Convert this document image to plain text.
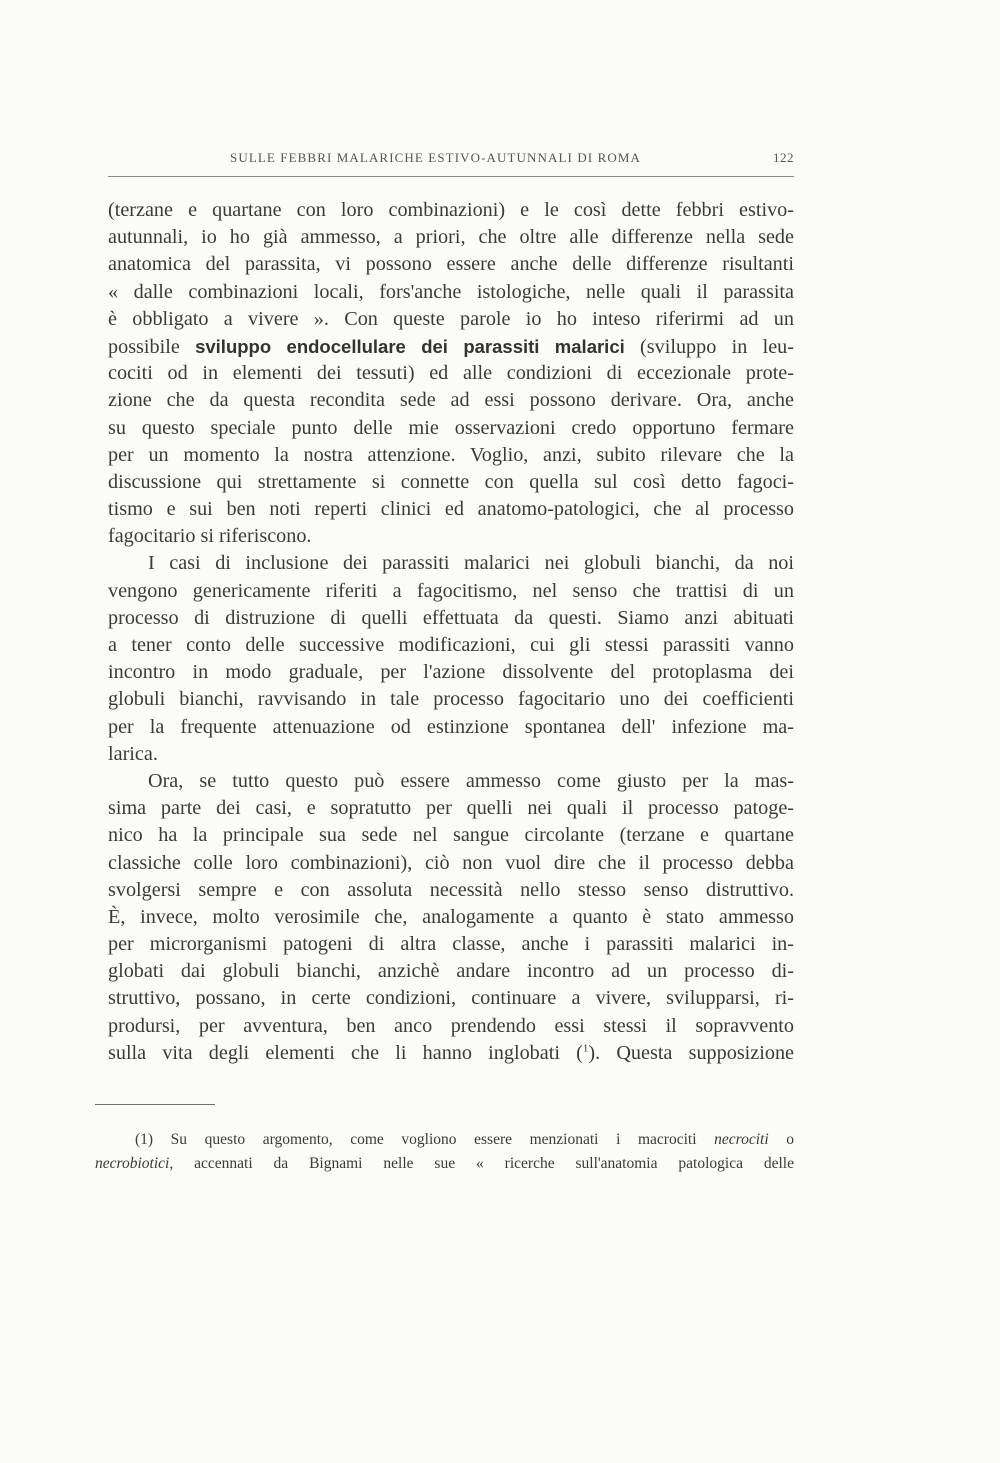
SULLE FEBBRI MALARICHE ESTIVO-AUTUNNALI DI ROMA	122
(terzane e quartane con loro combinazioni) e le così dette febbri estivo-
autunnali, io ho già ammesso, a priori, che oltre alle differenze nella sede
anatomica del parassita, vi possono essere anche delle differenze risultanti
« dalle combinazioni locali, fors'anche istologiche, nelle quali il parassita
è obbligato a vivere ». Con queste parole io ho inteso riferirmi ad un
possibile sviluppo endocellulare dei parassiti malarici (sviluppo in leu-
cociti od in elementi dei tessuti) ed alle condizioni di eccezionale prote-
zione che da questa recondita sede ad essi possono derivare. Ora, anche
su questo speciale punto delle mie osservazioni credo opportuno fermare
per un momento la nostra attenzione. Voglio, anzi, subito rilevare che la
discussione qui strettamente si connette con quella sul così detto fagoci-
tismo e sui ben noti reperti clinici ed anatomo-patologici, che al processo
fagocitario si riferiscono.
I casi di inclusione dei parassiti malarici nei globuli bianchi, da noi
vengono genericamente riferiti a fagocitismo, nel senso che trattisi di un
processo di distruzione di quelli effettuata da questi. Siamo anzi abituati
a tener conto delle successive modificazioni, cui gli stessi parassiti vanno
incontro in modo graduale, per l'azione dissolvente del protoplasma dei
globuli bianchi, ravvisando in tale processo fagocitario uno dei coefficienti
per la frequente attenuazione od estinzione spontanea dell' infezione ma-
larica.
Ora, se tutto questo può essere ammesso come giusto per la mas-
sima parte dei casi, e sopratutto per quelli nei quali il processo patoge-
nico ha la principale sua sede nel sangue circolante (terzane e quartane
classiche colle loro combinazioni), ciò non vuol dire che il processo debba
svolgersi sempre e con assoluta necessità nello stesso senso distruttivo.
È, invece, molto verosimile che, analogamente a quanto è stato ammesso
per microrganismi patogeni di altra classe, anche i parassiti malarici in-
globati dai globuli bianchi, anzichè andare incontro ad un processo di-
struttivo, possano, in certe condizioni, continuare a vivere, svilupparsi, ri-
prodursi, per avventura, ben anco prendendo essi stessi il sopravvento
sulla vita degli elementi che li hanno inglobati ($^1$). Questa supposizione
(1) Su questo argomento, come vogliono essere menzionati i macrociti necrociti o
necrobiotici, accennati da Bignami nelle sue « ricerche sull'anatomia patologica delle
